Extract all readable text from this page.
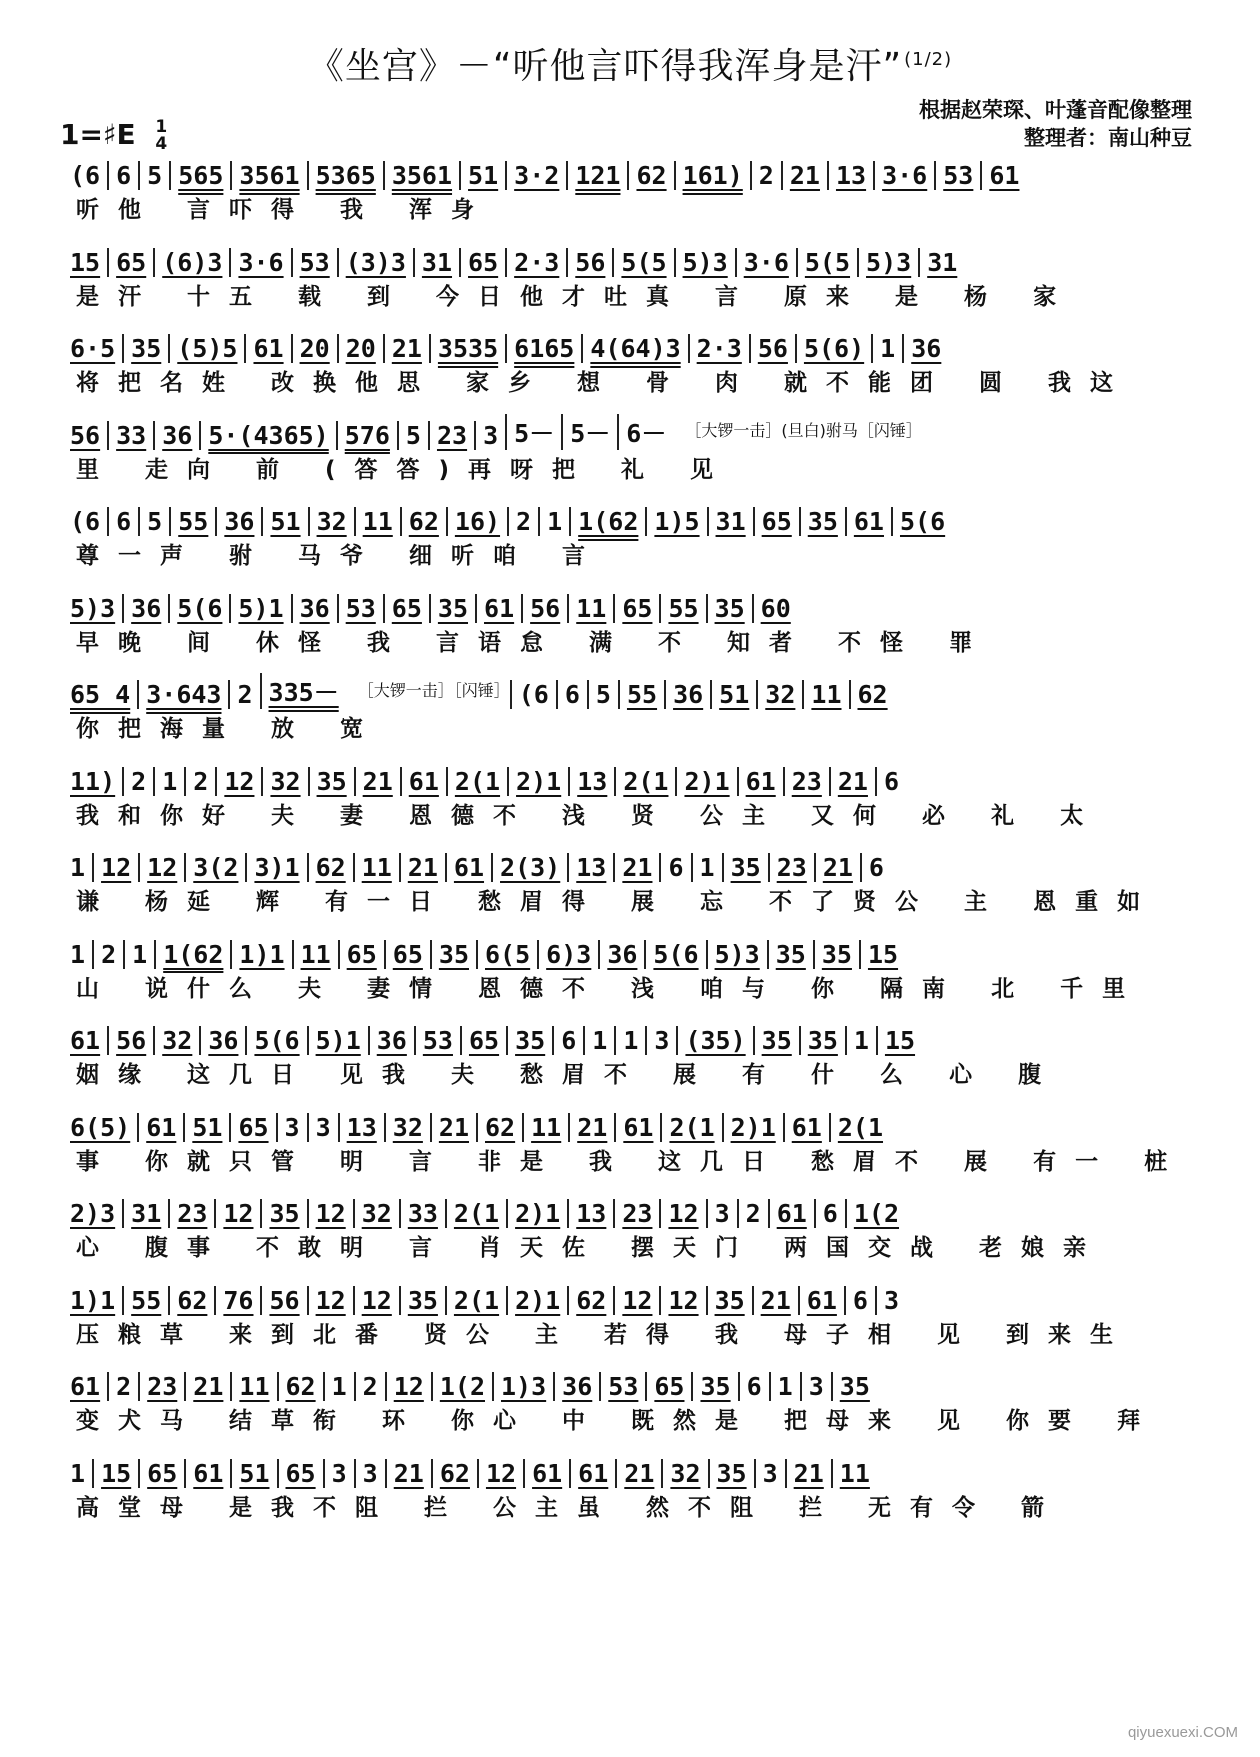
《坐宫》－“听他言吓得我浑身是汗” $^{(1/2)}$
1=♯E 1
4
根据赵荣琛、叶蓬音配像整理
整理者：南山种豆
(6 6 5 565 3561 5365 3561 51 3·2 121 62 161) 2 21 13 3·6 53 61
听他 言吓得 我 浑身
15 65 (6)3 3·6 53 (3)3 31 65 2·3 56 5(5 5)3 3·6 5(5 5)3 31
是汗 十五 载 到 今日他才吐真 言 原来 是 杨 家
6·5 35 (5)5 61 20 20 21 3535 6165 4(64)3 2·3 56 5(6) 1 36
将把名姓 改换他思 家乡 想 骨 肉 就不能团 圆 我这
56 33 36 5·(4365) 576 5 23 3 5－ 5－ 6－	［大锣一击］(旦白)驸马［闪锤］
里 走向 前 (答答)再呀把 礼 见
(6 6 5 55 36 51 32 11 62 16) 2 1 1(62 1)5 31 65 35 61 5(6
尊一声 驸 马爷 细听咱 言
5)3 36 5(6 5)1 36 53 65 35 61 56 11 65 55 35 60
早晚 间 休怪 我 言语怠 满 不 知者 不怪 罪
65 4 3·643 2 335－	［大锣一击］［闪锤］ (6 6 5 55 36 51 32 11 62
你把海量 放 宽
11) 2 1 2 12 32 35 21 61 2(1 2)1 13 2(1 2)1 61 23 21 6
我和你好 夫 妻 恩德不 浅 贤 公主 又何 必 礼 太
1 12 12 3(2 3)1 62 11 21 61 2(3) 13 21 6 1 35 23 21 6
谦 杨延 辉 有一日 愁眉得 展 忘 不了贤公 主 恩重如
1 2 1 1(62 1)1 11 65 65 35 6(5 6)3 36 5(6 5)3 35 35 15
山 说什么 夫 妻情 恩德不 浅 咱与 你 隔南 北 千里
61 56 32 36 5(6 5)1 36 53 65 35 6 1 1 3 (35) 35 35 1 15
姻缘 这几日 见我 夫 愁眉不 展 有 什 么 心 腹
6(5) 61 51 65 3 3 13 32 21 62 11 21 61 2(1 2)1 61 2(1
事 你就只管 明 言 非是 我 这几日 愁眉不 展 有一 桩
2)3 31 23 12 35 12 32 33 2(1 2)1 13 23 12 3 2 61 6 1(2
心 腹事 不敢明 言 肖天佐 摆天门 两国交战 老娘亲
1)1 55 62 76 56 12 12 35 2(1 2)1 62 12 12 35 21 61 6 3
压粮草 来到北番 贤公 主 若得 我 母子相 见 到来生
61 2 23 21 11 62 1 2 12 1(2 1)3 36 53 65 35 6 1 3 35
变犬马 结草衔 环 你心 中 既然是 把母来 见 你要 拜
1 15 65 61 51 65 3 3 21 62 12 61 61 21 32 35 3 21 11
高堂母 是我不阻 拦 公主虽 然不阻 拦 无有令 箭
qiyuexuexi.COM
